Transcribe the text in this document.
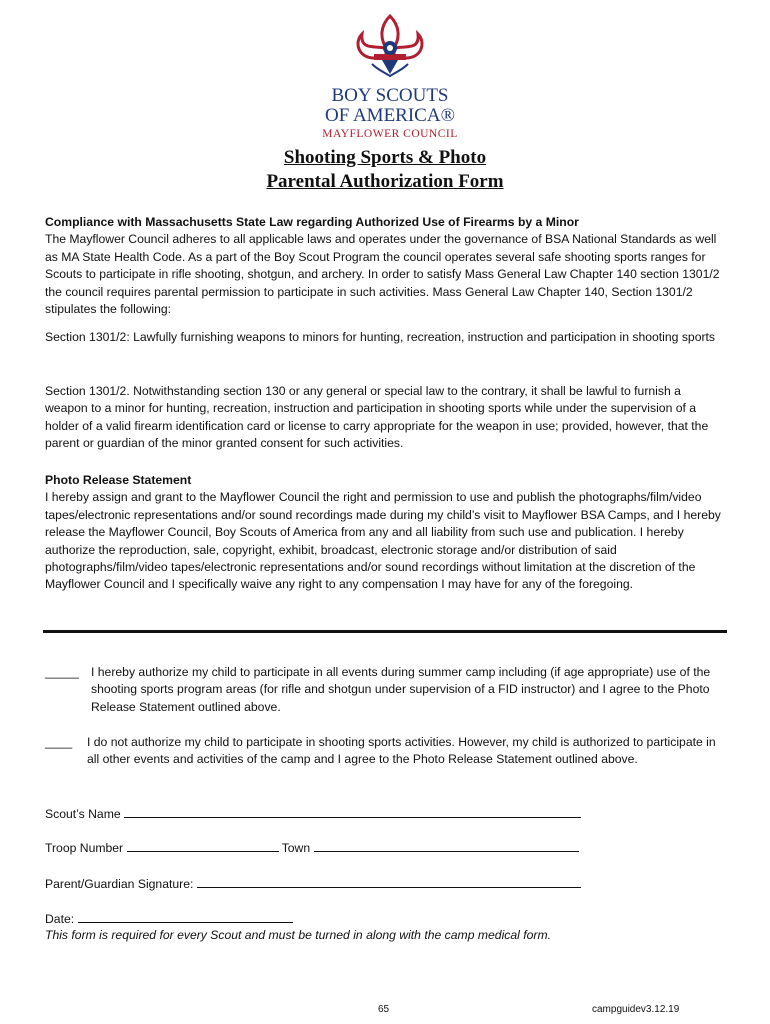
BOY SCOUTS
OF AMERICA®
MAYFLOWER COUNCIL
Shooting Sports & Photo
Parental Authorization Form
Compliance with Massachusetts State Law regarding Authorized Use of Firearms by a Minor
The Mayflower Council adheres to all applicable laws and operates under the governance of BSA National Standards as well as MA State Health Code. As a part of the Boy Scout Program the council operates several safe shooting sports ranges for Scouts to participate in rifle shooting, shotgun, and archery. In order to satisfy Mass General Law Chapter 140 section 1301/2 the council requires parental permission to participate in such activities. Mass General Law Chapter 140, Section 1301/2 stipulates the following:
Section 1301/2: Lawfully furnishing weapons to minors for hunting, recreation, instruction and participation in shooting sports
Section 1301/2. Notwithstanding section 130 or any general or special law to the contrary, it shall be lawful to furnish a weapon to a minor for hunting, recreation, instruction and participation in shooting sports while under the supervision of a holder of a valid firearm identification card or license to carry appropriate for the weapon in use; provided, however, that the parent or guardian of the minor granted consent for such activities.
Photo Release Statement
I hereby assign and grant to the Mayflower Council the right and permission to use and publish the photographs/film/video tapes/electronic representations and/or sound recordings made during my child’s visit to Mayflower BSA Camps, and I hereby release the Mayflower Council, Boy Scouts of America from any and all liability from such use and publication. I hereby authorize the reproduction, sale, copyright, exhibit, broadcast, electronic storage and/or distribution of said photographs/film/video tapes/electronic representations and/or sound recordings without limitation at the discretion of the Mayflower Council and I specifically waive any right to any compensation I may have for any of the foregoing.
_____ I hereby authorize my child to participate in all events during summer camp including (if age appropriate) use of the shooting sports program areas (for rifle and shotgun under supervision of a FID instructor) and I agree to the Photo Release Statement outlined above.
____ I do not authorize my child to participate in shooting sports activities. However, my child is authorized to participate in all other events and activities of the camp and I agree to the Photo Release Statement outlined above.
Scout’s Name
Troop Number	Town
Parent/Guardian Signature:
Date:
This form is required for every Scout and must be turned in along with the camp medical form.
65	campguidev3.12.19
